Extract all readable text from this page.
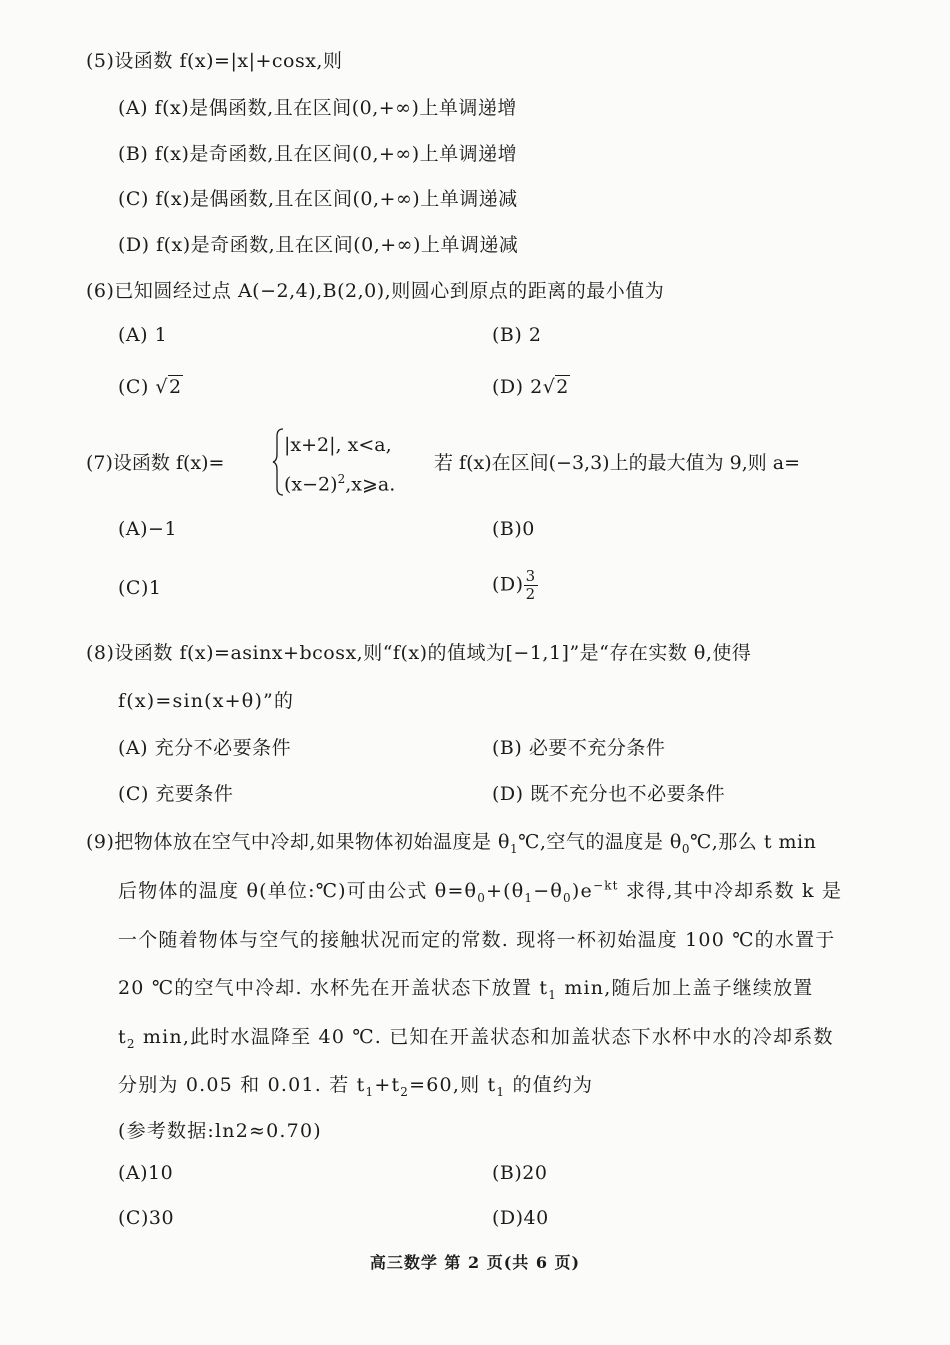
(5)设函数 f(x)=|x|+cosx,则
(A) f(x)是偶函数,且在区间(0,+∞)上单调递增
(B) f(x)是奇函数,且在区间(0,+∞)上单调递增
(C) f(x)是偶函数,且在区间(0,+∞)上单调递减
(D) f(x)是奇函数,且在区间(0,+∞)上单调递减
(6)已知圆经过点 A(−2,4),B(2,0),则圆心到原点的距离的最小值为
(A) 1	(B) 2
(C) √2	(D) 2√2
(7)设函数 f(x)=
|x+2|, x<a,
$(x-2)^2,x⩾a$.
若 f(x)在区间(−3,3)上的最大值为 9,则 a=
(A)−1	(B)0
(C)1	$(D) \frac{3}{2}$
(8)设函数 f(x)=asinx+bcosx,则“f(x)的值域为[−1,1]”是“存在实数 θ,使得
f(x)=sin(x+θ)”的
(A) 充分不必要条件	(B) 必要不充分条件
(C) 充要条件	(D) 既不充分也不必要条件
(9)把物体放在空气中冷却,如果物体初始温度是 $\theta_1℃$,空气的温度是 $\theta_0℃$,那么 t min
后物体的温度 θ(单位:℃)可由公式 $\theta=\theta_0+(\theta_1-\theta_0)e^{-kt}$ 求得,其中冷却系数 k 是
一个随着物体与空气的接触状况而定的常数. 现将一杯初始温度 100 ℃的水置于
20 ℃的空气中冷却. 水杯先在开盖状态下放置 $t_1$ min,随后加上盖子继续放置
$t_2$ min,此时水温降至 40 ℃. 已知在开盖状态和加盖状态下水杯中水的冷却系数
分别为 0.05 和 0.01. 若 $t_1+t_2=60$,则 $t_1$ 的值约为
(参考数据:ln2≈0.70)
(A)10	(B)20
(C)30	(D)40
高三数学 第 2 页(共 6 页)
